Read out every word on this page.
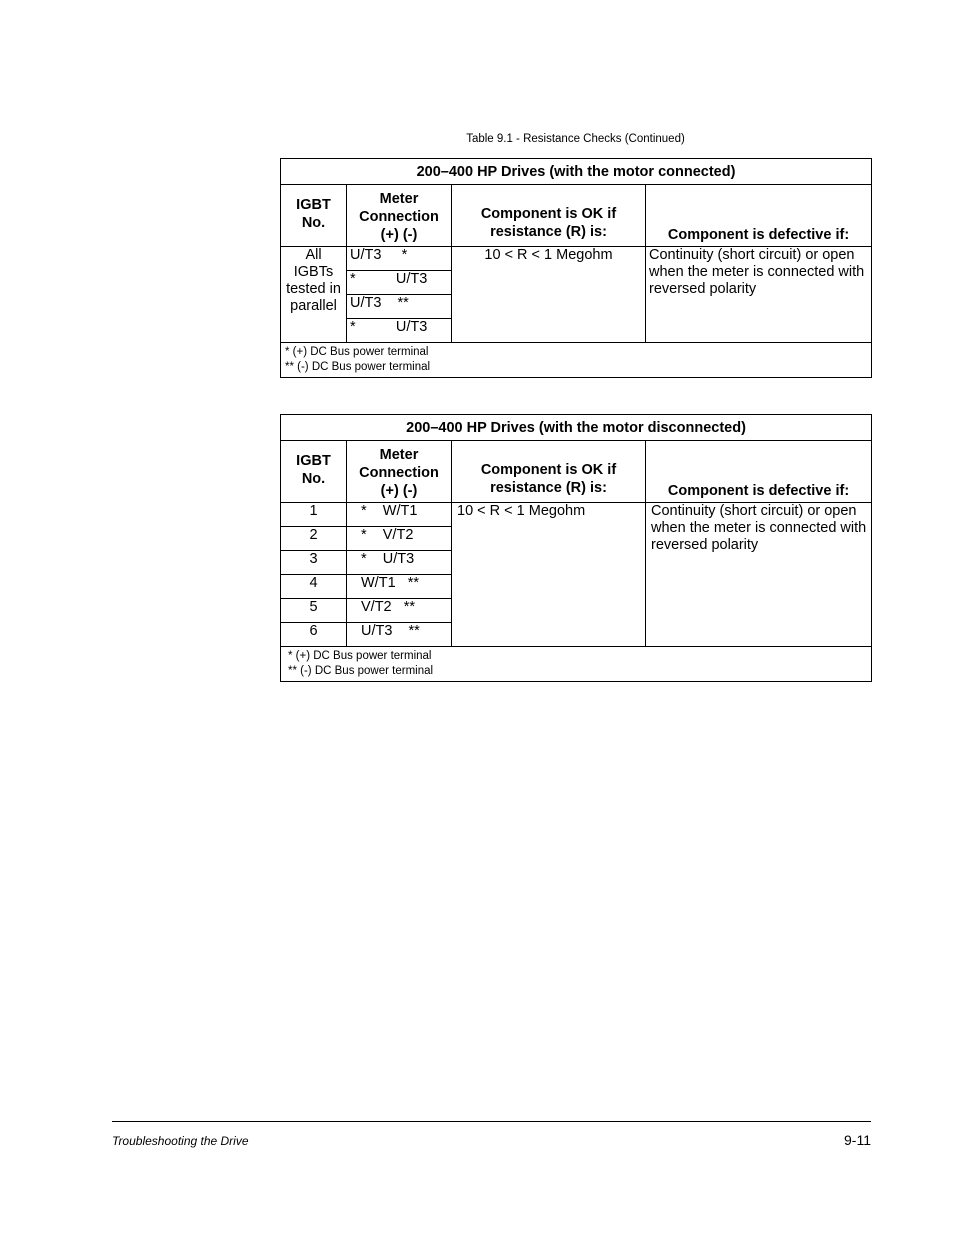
Table 9.1 - Resistance Checks (Continued)
200–400 HP Drives (with the motor connected)			
IGBT No.	Meter Connection (+) (-)	Component is OK if resistance (R) is:	Component is defective if:
All IGBTs tested in parallel	U/T3     *	10 < R < 1 Megohm	Continuity (short circuit) or open when the meter is connected with reversed polarity
	*          U/T3		
	U/T3    **		
	*          U/T3		

* (+) DC Bus power terminal
** (-) DC Bus power terminal			
200–400 HP Drives (with the motor disconnected)			
IGBT No.	Meter Connection (+) (-)	Component is OK if resistance (R) is:	Component is defective if:
1	*    W/T1	10 < R < 1 Megohm	Continuity (short circuit) or open when the meter is connected with reversed polarity
2	*    V/T2		
3	*    U/T3		
4	W/T1   **		
5	V/T2   **		
6	U/T3    **		

* (+) DC Bus power terminal
** (-) DC Bus power terminal			
Troubleshooting the Drive	9-11
